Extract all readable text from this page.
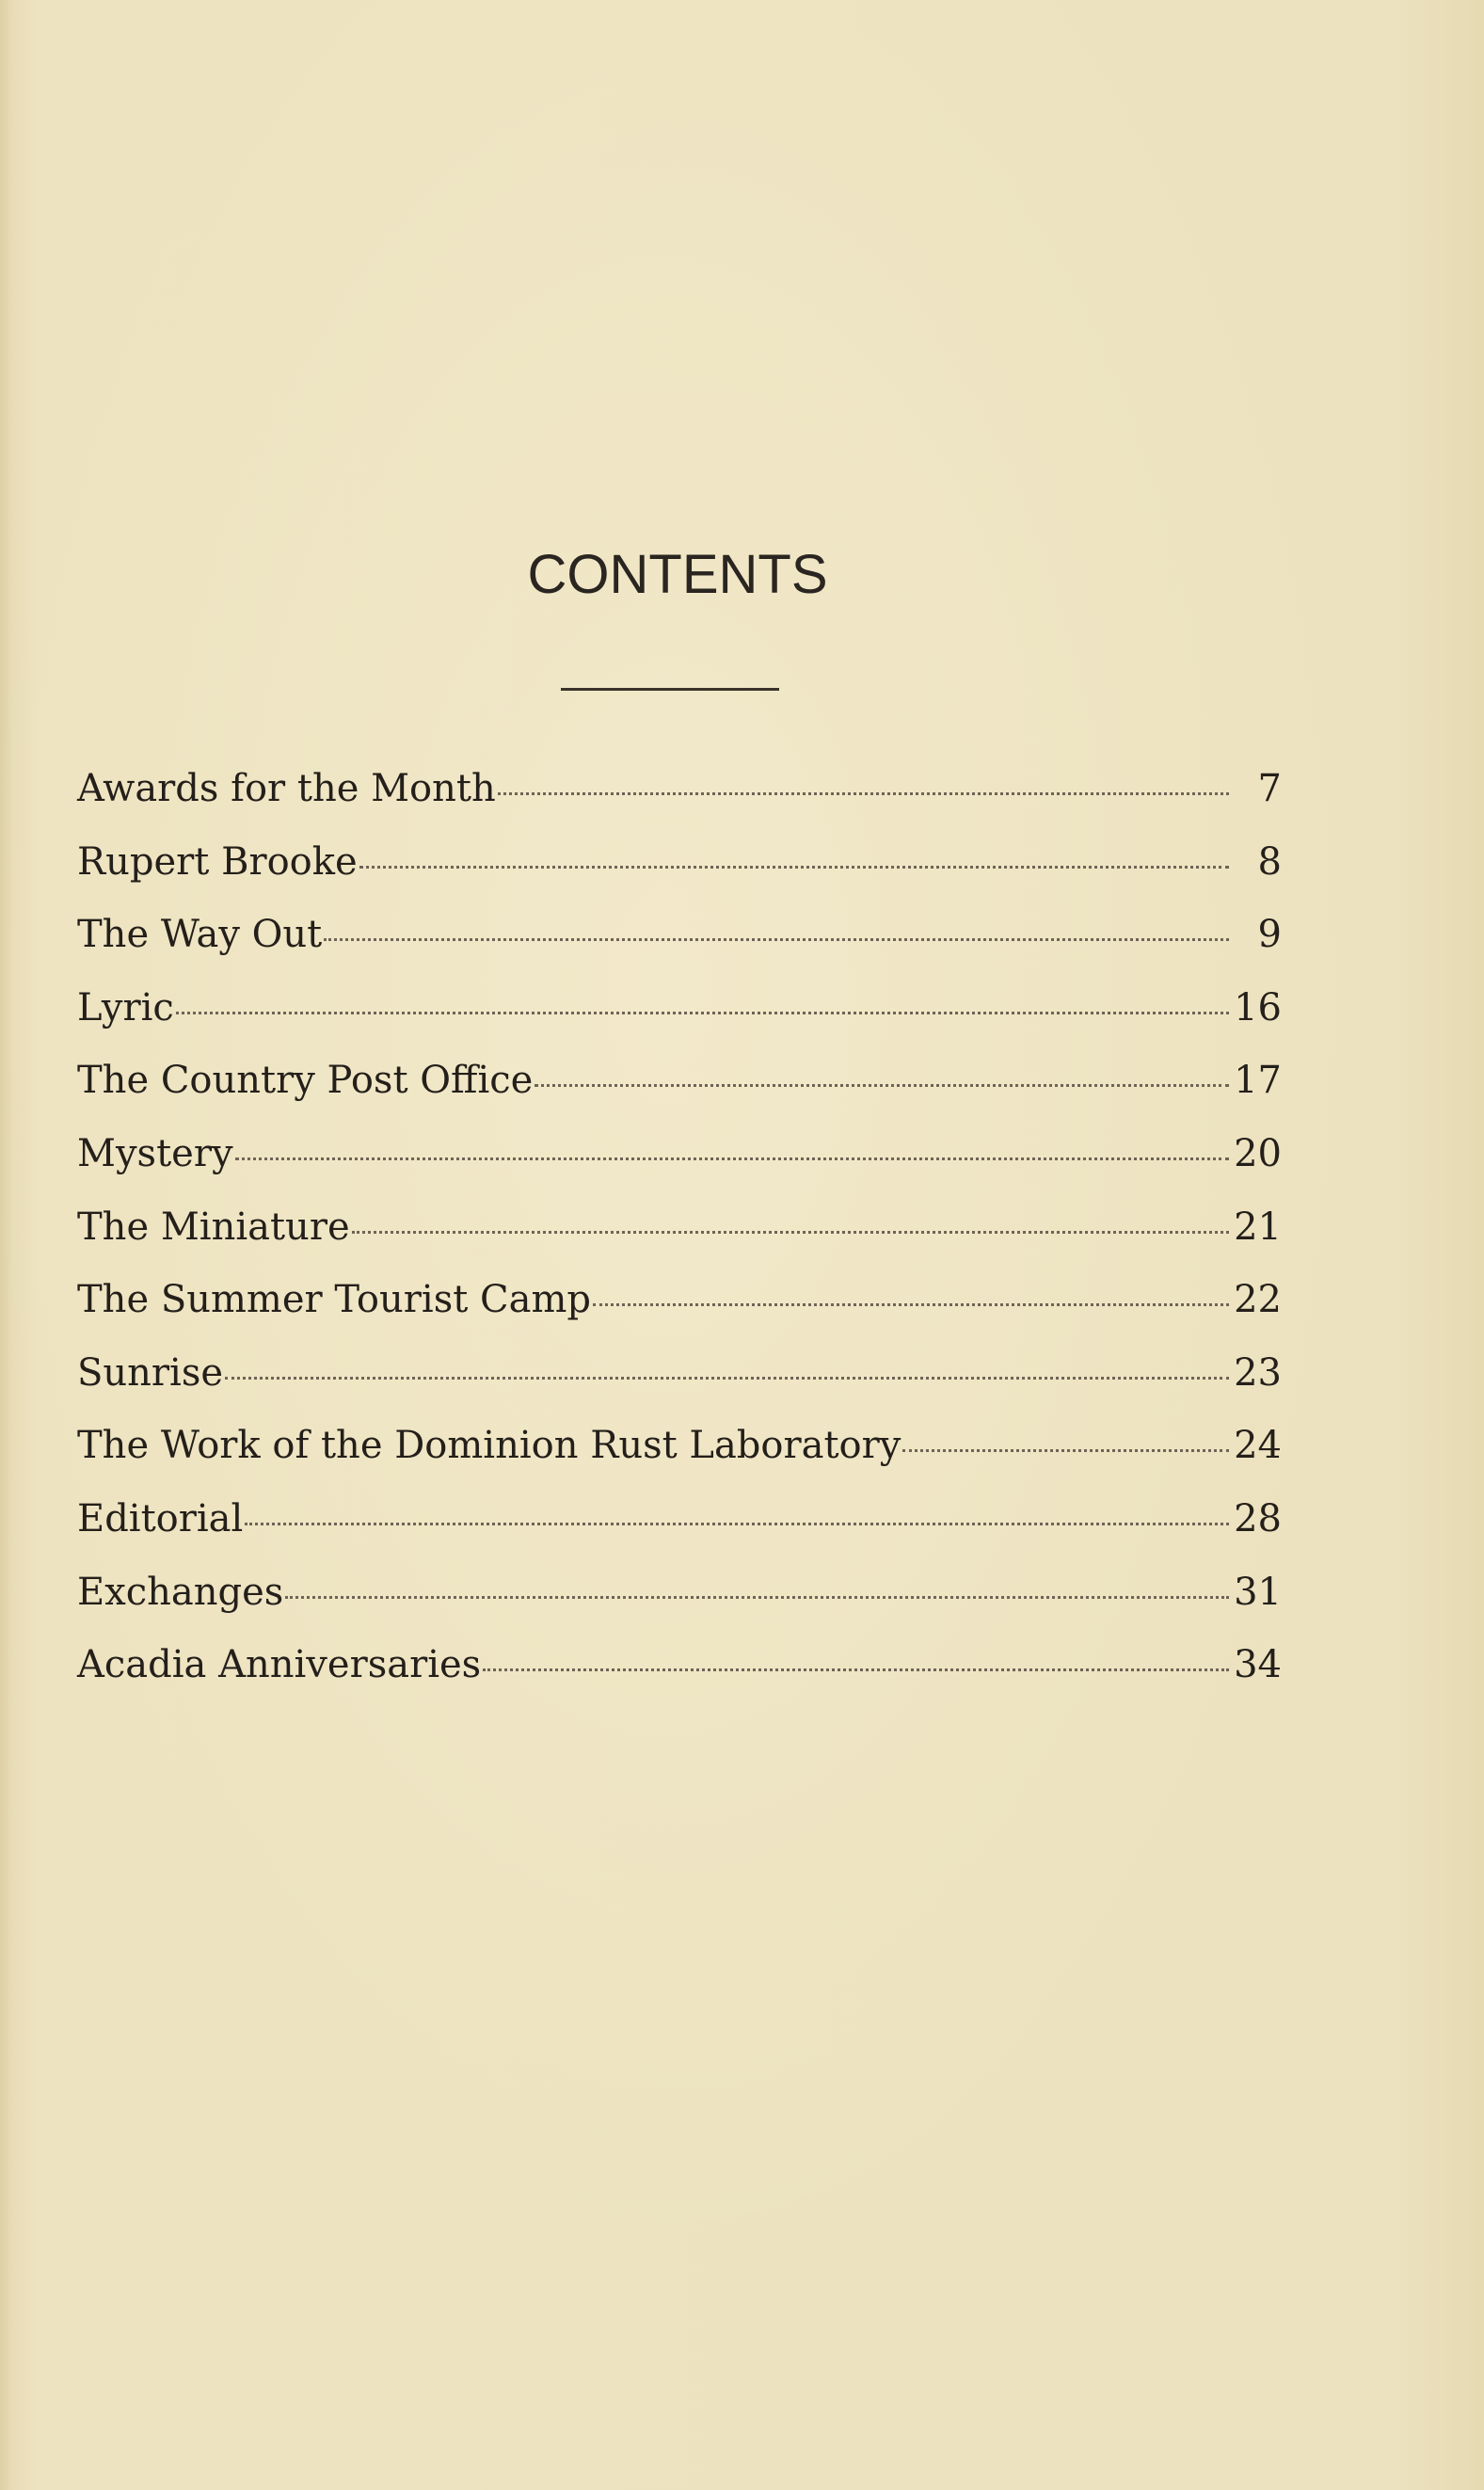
CONTENTS
Awards for the Month	7
Rupert Brooke	8
The Way Out	9
Lyric	16
The Country Post Office	17
Mystery	20
The Miniature	21
The Summer Tourist Camp	22
Sunrise	23
The Work of the Dominion Rust Laboratory	24
Editorial	28
Exchanges	31
Acadia Anniversaries	34
